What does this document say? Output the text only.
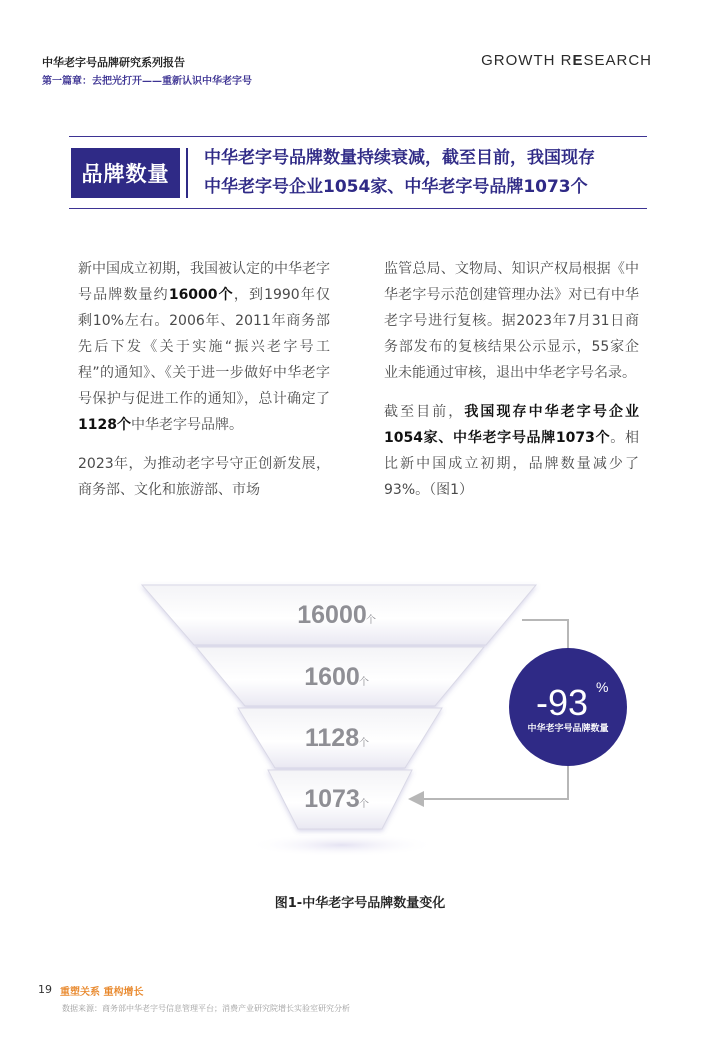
中华老字号品牌研究系列报告
第一篇章：去把光打开——重新认识中华老字号
GROWTH RESEARCH
品牌数量
中华老字号品牌数量持续衰减，截至目前，我国现存
中华老字号企业1054家、中华老字号品牌1073个

新中国成立初期，我国被认定的中华老字号品牌数量约16000个，到1990年仅剩10%左右。2006年、2011年商务部先后下发《关于实施“振兴老字号工程”的通知》、《关于进一步做好中华老字号保护与促进工作的通知》，总计确定了1128个中华老字号品牌。

2023年，为推动老字号守正创新发展，商务部、文化和旅游部、市场

监管总局、文物局、知识产权局根据《中华老字号示范创建管理办法》对已有中华老字号进行复核。据2023年7月31日商务部发布的复核结果公示显示，55家企业未能通过审核，退出中华老字号名录。

截至目前，我国现存中华老字号企业1054家、中华老字号品牌1073个。相比新中国成立初期，品牌数量减少了93%。（图1）

16000 个
1600 个
1128 个
1073 个
-93 %
中华老字号品牌数量
图1-中华老字号品牌数量变化
19 重塑关系 重构增长
数据来源：商务部中华老字号信息管理平台；消费产业研究院增长实验室研究分析
